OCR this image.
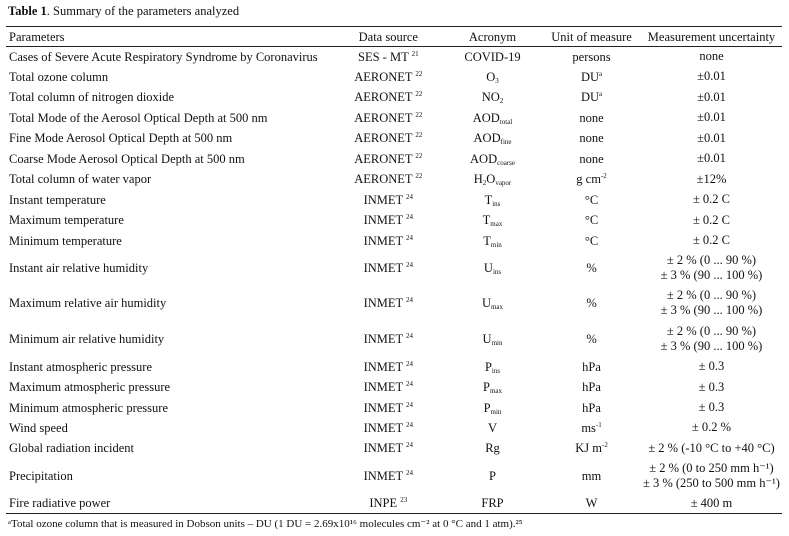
Table 1. Summary of the parameters analyzed
Parameters	Data source	Acronym	Unit of measure	Measurement uncertainty
Cases of Severe Acute Respiratory Syndrome by Coronavirus	SES - MT $^{21}$	COVID-19	persons	none

Total ozone column	AERONET $^{22}$	$O_3$	$DU^a$	±0.01

Total column of nitrogen dioxide	AERONET $^{22}$	$NO_2$	$DU^a$	±0.01

Total Mode of the Aerosol Optical Depth at 500 nm	AERONET $^{22}$	$AOD_{total}$	none	±0.01

Fine Mode Aerosol Optical Depth at 500 nm	AERONET $^{22}$	$AOD_{fine}$	none	±0.01

Coarse Mode Aerosol Optical Depth at 500 nm	AERONET $^{22}$	$AOD_{coarse}$	none	±0.01

Total column of water vapor	AERONET $^{22}$	$H_2O_{vapor}$	g $cm^{-2}$	±12%

Instant temperature	INMET $^{24}$	$T_{ins}$	°C	± 0.2 C

Maximum temperature	INMET $^{24}$	$T_{max}$	°C	± 0.2 C

Minimum temperature	INMET $^{24}$	$T_{min}$	°C	± 0.2 C

Instant air relative humidity	INMET $^{24}$	$U_{ins}$	%	± 2 % (0 ... 90 %)
± 3 % (90 ... 100 %)

Maximum relative air humidity	INMET $^{24}$	$U_{max}$	%	± 2 % (0 ... 90 %)
± 3 % (90 ... 100 %)

Minimum air relative humidity	INMET $^{24}$	$U_{min}$	%	± 2 % (0 ... 90 %)
± 3 % (90 ... 100 %)

Instant atmospheric pressure	INMET $^{24}$	$P_{ins}$	hPa	± 0.3

Maximum atmospheric pressure	INMET $^{24}$	$P_{max}$	hPa	± 0.3

Minimum atmospheric pressure	INMET $^{24}$	$P_{min}$	hPa	± 0.3

Wind speed	INMET $^{24}$	V	$ms^{-1}$	± 0.2 %

Global radiation incident	INMET $^{24}$	Rg	KJ $m^{-2}$	± 2 % (-10 °C to +40 °C)

Precipitation	INMET $^{24}$	P	mm	± 2 % (0 to 250 mm h⁻¹)
± 3 % (250 to 500 mm h⁻¹)

Fire radiative power	INPE $^{23}$	FRP	W	± 400 m
ᵃTotal ozone column that is measured in Dobson units – DU (1 DU = 2.69x10¹⁶ molecules cm⁻² at 0 °C and 1 atm).²⁵
